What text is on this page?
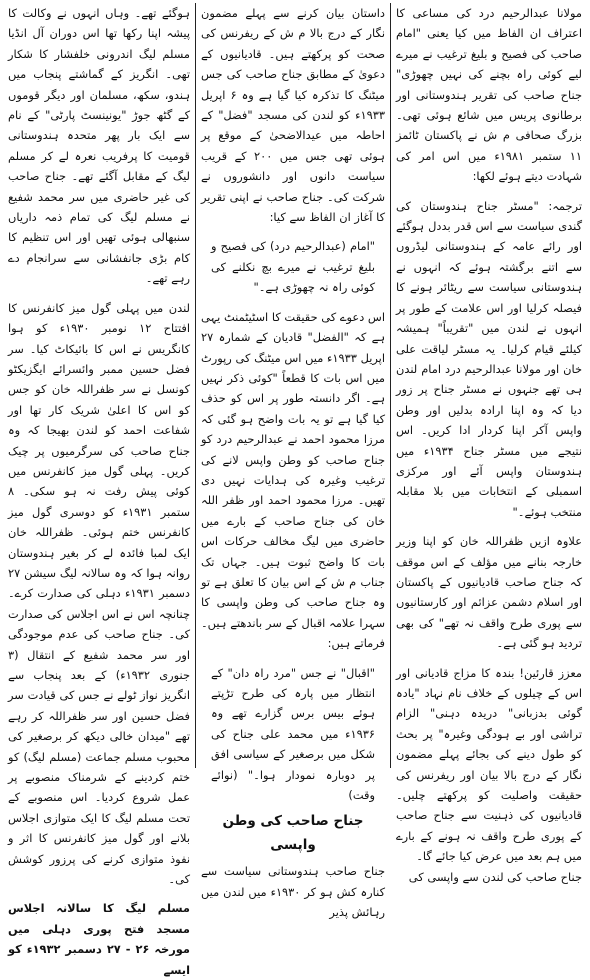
مولانا عبدالرحیم درد کی مساعی کا اعتراف ان الفاظ میں کیا یعنی "امام صاحب کی فصیح و بلیغ ترغیب نے میرے لیے کوئی راہ بچنے کی نہیں چھوڑی" جناح صاحب کی تقریر ہندوستانی اور برطانوی پریس میں شائع ہوئی تھی۔ بزرگ صحافی م ش نے پاکستان ٹائمز ۱۱ ستمبر ۱۹۸۱ء میں اس امر کی شہادت دیتے ہوئے لکھا:

ترجمہ: "مسٹر جناح ہندوستان کی گندی سیاست سے اس قدر بددل ہوگئے اور رائے عامہ کے ہندوستانی لیڈروں سے اتنے برگشتہ ہوئے کہ انہوں نے ہندوستانی سیاست سے ریٹائر ہونے کا فیصلہ کرلیا اور اس علامت کے طور پر انہوں نے لندن میں "تقریباً" ہمیشہ کیلئے قیام کرلیا۔ یہ مسٹر لیاقت علی خان اور مولانا عبدالرحیم درد امام لندن ہی تھے جنہوں نے مسٹر جناح پر زور دیا کہ وہ اپنا ارادہ بدلیں اور وطن واپس آکر اپنا کردار ادا کریں۔ اس نتیجے میں مسٹر جناح ۱۹۳۴ء میں ہندوستان واپس آئے اور مرکزی اسمبلی کے انتخابات میں بلا مقابلہ منتخب ہوئے۔"

علاوہ ازیں ظفراللہ خان کو اپنا وزیر خارجہ بنانے میں مؤلف کے اس موقف کہ جناح صاحب قادیانیوں کے پاکستان اور اسلام دشمن عزائم اور کارستانیوں سے پوری طرح واقف نہ تھے" کی بھی تردید ہو گئی ہے۔

معزز قارئین! بندہ کا مزاج قادیانی اور اس کے چیلوں کے خلاف نام نہاد "یادہ گوئی بدزبانی" دریدہ دہنی" الزام تراشی اور بے ہودگی وغیرہ" پر بحث کو طول دینے کی بجائے پہلے مضمون نگار کے درج بالا بیان اور ریفرنس کی حقیقت واصلیت کو پرکھتے چلیں۔ قادیانیوں کی ذہنیت سے جناح صاحب کے پوری طرح واقف نہ ہونے کے بارے میں ہم بعد میں عرض کیا جائے گا۔

جناح صاحب کی لندن سے واپسی کی

داستان بیان کرنے سے پہلے مضمون نگار کے درج بالا م ش کے ریفرنس کی صحت کو پرکھتے ہیں۔ قادیانیوں کے دعویٰ کے مطابق جناح صاحب کی جس میٹنگ کا تذکرہ کیا گیا ہے وہ ۶ اپریل ۱۹۳۳ء کو لندن کی مسجد "فضل" کے احاطہ میں عیدالاضحیٰ کے موقع پر ہوئی تھی جس میں ۲۰۰ کے قریب سیاست دانوں اور دانشوروں نے شرکت کی۔ جناح صاحب نے اپنی تقریر کا آغاز ان الفاظ سے کیا:

"امام (عبدالرحیم درد) کی فصیح و بلیغ ترغیب نے میرے بچ نکلنے کی کوئی راہ نہ چھوڑی ہے۔"

اس دعوے کی حقیقت کا اسٹیٹمنٹ یہی ہے کہ "الفضل" قادیان کے شمارہ ۲۷ اپریل ۱۹۳۳ء میں اس میٹنگ کی رپورٹ میں اس بات کا قطعاً "کوئی ذکر نہیں ہے۔ اگر دانستہ طور پر اس کو حذف کیا گیا ہے تو یہ بات واضح ہو گئی کہ مرزا محمود احمد نے عبدالرحیم درد کو جناح صاحب کو وطن واپس لانے کی ترغیب وغیرہ کی ہدایات نہیں دی تھیں۔ مرزا محمود احمد اور ظفر اللہ خان کی جناح صاحب کے بارے میں حاضری میں لیگ مخالف حرکات اس بات کا واضح ثبوت ہیں۔ جہاں تک جناب م ش کے اس بیان کا تعلق ہے تو وہ جناح صاحب کی وطن واپسی کا سہرا علامہ اقبال کے سر باندھتے ہیں۔ فرماتے ہیں:

"اقبال" نے جس "مرد راہ دان" کے انتظار میں پارہ کی طرح تڑپتے ہوئے بیس برس گزارے تھے وہ ۱۹۳۶ء میں محمد علی جناح کی شکل میں برصغیر کے سیاسی افق پر دوبارہ نمودار ہوا۔" (نوائے وقت)

جناح صاحب کی وطن واپسی

جناح صاحب ہندوستانی سیاست سے کنارہ کش ہو کر ۱۹۳۰ء میں لندن میں رہائش پذیر

ہوگئے تھے۔ وہاں انہوں نے وکالت کا پیشہ اپنا رکھا تھا اس دوران آل انڈیا مسلم لیگ اندرونی خلفشار کا شکار تھی۔ انگریز کے گماشتے پنجاب میں ہندو، سکھ، مسلمان اور دیگر قوموں کے گٹھ جوڑ "یونینسٹ پارٹی" کے نام سے ایک بار پھر متحدہ ہندوستانی قومیت کا پرفریب نعرہ لے کر مسلم لیگ کے مقابل آگئے تھے۔ جناح صاحب کی غیر حاضری میں سر محمد شفیع نے مسلم لیگ کی تمام ذمہ داریاں سنبھالی ہوئی تھیں اور اس تنظیم کا کام بڑی جانفشانی سے سرانجام دے رہے تھے۔

لندن میں پہلی گول میز کانفرنس کا افتتاح ۱۲ نومبر ۱۹۳۰ء کو ہوا کانگریس نے اس کا بائیکاٹ کیا۔ سر فضل حسین ممبر وائسرائے ایگزیکٹو کونسل نے سر ظفراللہ خان کو جس کو اس کا اعلیٰ شریک کار تھا اور شفاعت احمد کو لندن بھیجا کہ وہ جناح صاحب کی سرگرمیوں پر چیک کریں۔ پہلی گول میز کانفرنس میں کوئی پیش رفت نہ ہو سکی۔ ۸ ستمبر ۱۹۳۱ء کو دوسری گول میز کانفرنس ختم ہوئی۔ ظفراللہ خان ایک لمبا فائدہ لے کر بغیر ہندوستان روانہ ہوا کہ وہ سالانہ لیگ سیشن ۲۷ دسمبر ۱۹۳۱ء دہلی کی صدارت کرے۔ چنانچہ اس نے اس اجلاس کی صدارت کی۔ جناح صاحب کی عدم موجودگی اور سر محمد شفیع کے انتقال (۳ جنوری ۱۹۳۲ء) کے بعد پنجاب سے انگریز نواز ٹولے نے جس کی قیادت سر فضل حسین اور سر ظفراللہ کر رہے تھے "میدان خالی دیکھ کر برصغیر کی محبوب مسلم جماعت (مسلم لیگ) کو ختم کردینے کے شرمناک منصوبے پر عمل شروع کردیا۔ اس منصوبے کے تحت مسلم لیگ کا ایک متوازی اجلاس بلانے اور گول میز کانفرنس کا اثر و نفوذ متوازی کرنے کی پرزور کوشش کی۔

مسلم لیگ کا سالانہ اجلاس مسجد فتح پوری دہلی میں مورخہ ۲۶ - ۲۷ دسمبر ۱۹۳۲ء کو ایسے
